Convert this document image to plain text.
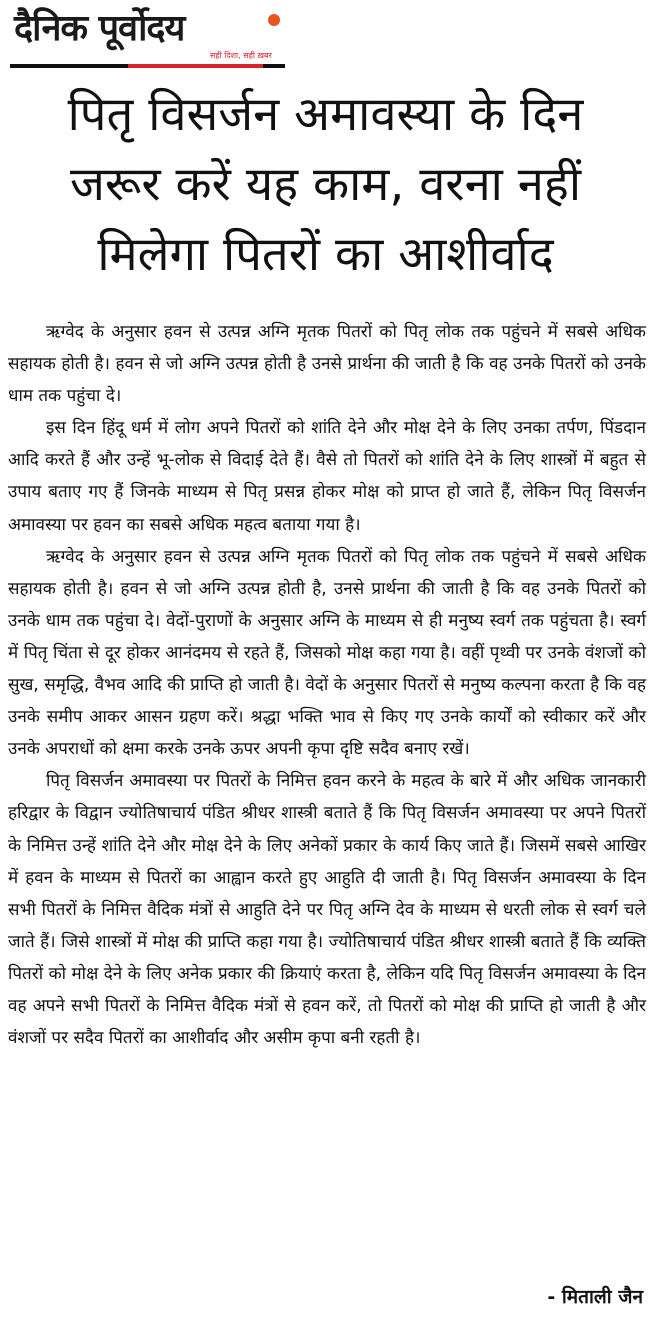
दैनिक पूर्वोदय
सही दिशा, सही ख़बर
पितृ विसर्जन अमावस्या के दिन
जरूर करें यह काम, वरना नहीं
मिलेगा पितरों का आशीर्वाद

ऋग्वेद के अनुसार हवन से उत्पन्न अग्नि मृतक पितरों को पितृ लोक तक पहुंचने में सबसे अधिक सहायक होती है। हवन से जो अग्नि उत्पन्न होती है उनसे प्रार्थना की जाती है कि वह उनके पितरों को उनके धाम तक पहुंचा दे।

इस दिन हिंदू धर्म में लोग अपने पितरों को शांति देने और मोक्ष देने के लिए उनका तर्पण, पिंडदान आदि करते हैं और उन्हें भू-लोक से विदाई देते हैं। वैसे तो पितरों को शांति देने के लिए शास्त्रों में बहुत से उपाय बताए गए हैं जिनके माध्यम से पितृ प्रसन्न होकर मोक्ष को प्राप्त हो जाते हैं, लेकिन पितृ विसर्जन अमावस्या पर हवन का सबसे अधिक महत्व बताया गया है।

ऋग्वेद के अनुसार हवन से उत्पन्न अग्नि मृतक पितरों को पितृ लोक तक पहुंचने में सबसे अधिक सहायक होती है। हवन से जो अग्नि उत्पन्न होती है, उनसे प्रार्थना की जाती है कि वह उनके पितरों को उनके धाम तक पहुंचा दे। वेदों-पुराणों के अनुसार अग्नि के माध्यम से ही मनुष्य स्वर्ग तक पहुंचता है। स्वर्ग में पितृ चिंता से दूर होकर आनंदमय से रहते हैं, जिसको मोक्ष कहा गया है। वहीं पृथ्वी पर उनके वंशजों को सुख, समृद्धि, वैभव आदि की प्राप्ति हो जाती है। वेदों के अनुसार पितरों से मनुष्य कल्पना करता है कि वह उनके समीप आकर आसन ग्रहण करें। श्रद्धा भक्ति भाव से किए गए उनके कार्यों को स्वीकार करें और उनके अपराधों को क्षमा करके उनके ऊपर अपनी कृपा दृष्टि सदैव बनाए रखें।

पितृ विसर्जन अमावस्या पर पितरों के निमित्त हवन करने के महत्व के बारे में और अधिक जानकारी हरिद्वार के विद्वान ज्योतिषाचार्य पंडित श्रीधर शास्त्री बताते हैं कि पितृ विसर्जन अमावस्या पर अपने पितरों के निमित्त उन्हें शांति देने और मोक्ष देने के लिए अनेकों प्रकार के कार्य किए जाते हैं। जिसमें सबसे आखिर में हवन के माध्यम से पितरों का आह्वान करते हुए आहुति दी जाती है। पितृ विसर्जन अमावस्या के दिन सभी पितरों के निमित्त वैदिक मंत्रों से आहुति देने पर पितृ अग्नि देव के माध्यम से धरती लोक से स्वर्ग चले जाते हैं। जिसे शास्त्रों में मोक्ष की प्राप्ति कहा गया है। ज्योतिषाचार्य पंडित श्रीधर शास्त्री बताते हैं कि व्यक्ति पितरों को मोक्ष देने के लिए अनेक प्रकार की क्रियाएं करता है, लेकिन यदि पितृ विसर्जन अमावस्या के दिन वह अपने सभी पितरों के निमित्त वैदिक मंत्रों से हवन करें, तो पितरों को मोक्ष की प्राप्ति हो जाती है और वंशजों पर सदैव पितरों का आशीर्वाद और असीम कृपा बनी रहती है।

- मिताली जैन
